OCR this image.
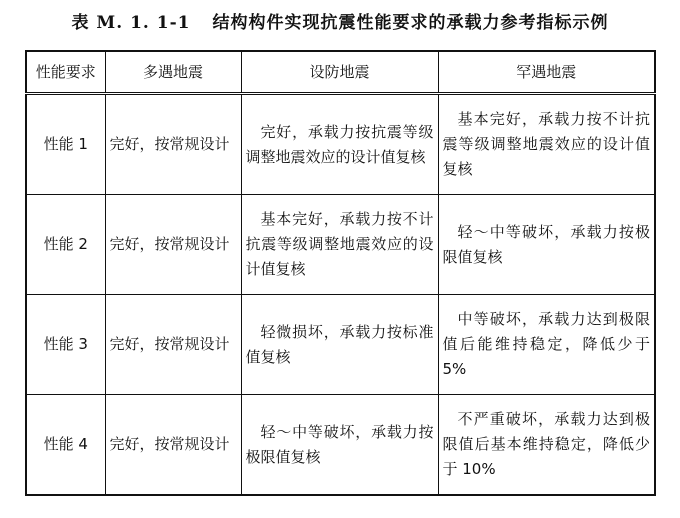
表 M. 1. 1-1 结构构件实现抗震性能要求的承载力参考指标示例
性能要求	多遇地震	设防地震	罕遇地震
性能 1	完好，按常规设计	完好，承载力按抗震等级调整地震效应的设计值复核	基本完好，承载力按不计抗震等级调整地震效应的设计值复核
性能 2	完好，按常规设计	基本完好，承载力按不计抗震等级调整地震效应的设计值复核	轻～中等破坏，承载力按极限值复核
性能 3	完好，按常规设计	轻微损坏，承载力按标准值复核	中等破坏，承载力达到极限值后能维持稳定，降低少于 5%
性能 4	完好，按常规设计	轻～中等破坏，承载力按极限值复核	不严重破坏，承载力达到极限值后基本维持稳定，降低少于 10%
